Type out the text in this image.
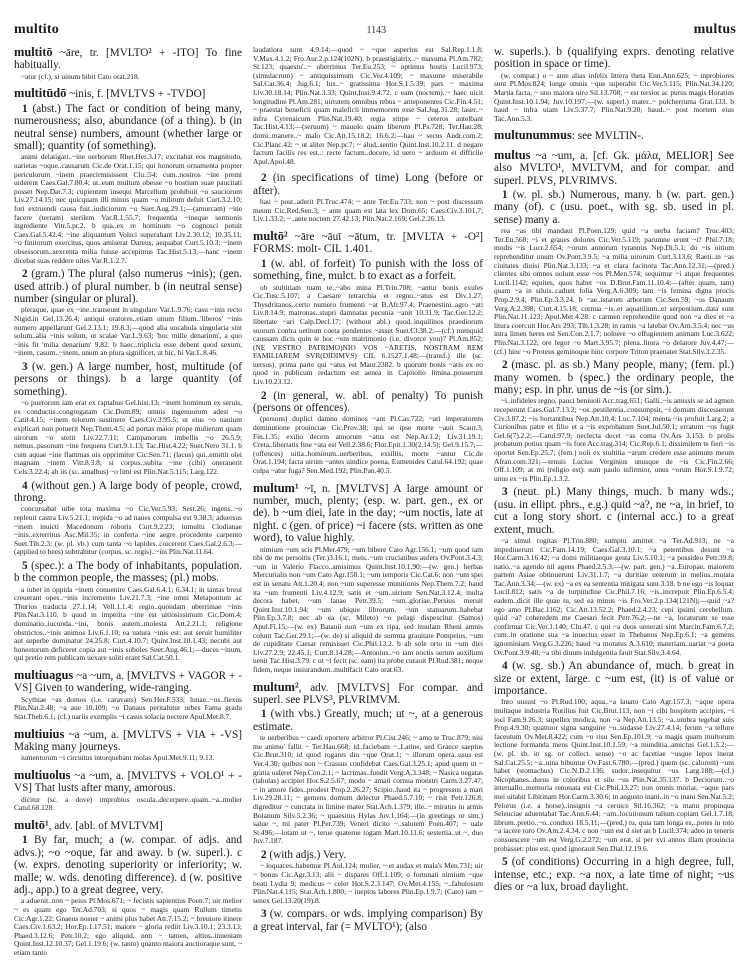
multito	1143	multus

multitō ~āre, tr. [MVLTO² + -ITO] To fine habitually.

~atur (cf.), si uinum bibit Cato orat.218.

multitūdō ~inis, f. [MVLTVS + -TVDO]

1 (abst.) The fact or condition of being many, numerousness; also, abundance (of a thing). b (in neutral sense) numbers, amount (whether large or small); quantity (of something).

animi delatigati..~ine uerborum Rhet.Her.3.17; excitabat eos magnitudo, uarietas ~oque..causarum Cic.de Orat.1.15; qui honorum ornamenta propter periculorum ~inem praecirmisissent Clu.:54; cum..nostros ~ine premi uiderent Caes.Gal.7.80.4; ut..eum multum obesse ~o hostium suae paucitati posset Nep.Dat.7.3; cupientem insequi Marcellum prohibuit ~o sauciorum Liv.27.14.15; nec quicquam illi minus quam ~o militum defuit Curt.3.2.10; fori extruendi causa fuit..iudiciorum ~o Suet.Aug.29.1;—(amurcam) ~ine facere (terram) sterilem Var.R.1.55.7; frequentia ~ineque sermonis ingrediente Vitr.5.pr.2. b qua..ex re hominum ~o cognosci potuit Caes.Gal.5.42.4; ~ine aliquantum Volsci superabant Liv.2.30.12; 10.35.11; ~o finitorum exercitus, quos amiserat Dareus, aequabat Curt.5.10.3; ~inem obsessorum..sexcenta milia fuisse accepimus Tac.Hist.5.13;—hanc ~inem dicebat suas reddere uites Var.R.1.2.7.

2 (gram.) The plural (also numerus ~inis); (gen. used attrib.) of plural number. b (in neutral sense) number (singular or plural).

pleraque, quae ex ~ine..transeunt in singulare Var.L.9.76; casu ~inis recto Nigid.in Gel.13.26.4; antiqui oratores..etiam unum filium..'liberos' ~inis numero appellarunt Gel.2.13.1; 19.8.3;—quod alia uocabula singularia sint solum..alia ~inis solum, ut scalae Var.L.9.63; 'hoc mille denarium', a quo ~inis fit 'milia denarium' 9.82. b haec..triplicia esse debent quod sexum, ~inem, casum..~inem, unum an plura significet, ut hic, hi Var.L.8.46.

3 (w. gen.) A large number, host, multitude (of persons or things). b a large quantity (of something).

~o puerorum iam erat ex raptabus Gel.hist.13; ~inem hominum ex seruis, ex conductis..congregatam Cic.Dom.89; omnis ingenuorum adest ~o Catil.4.15; ~inem telorum sustinere Caes.Civ.3.95.5; ut eius ~o nauium explicari non potuerit Nep.Them.4.5; ad portas maior prope mulierum quam uirorum ~o stetit Liv.22.7.11; Campanorum imbellis ~o 26.5.9; nemus..pasonum ~ine frequens Curt.9.1.13; Tac.Hist.4.22; Suet.Nero 31.1. b cum aquae ~ine flammas uis opprimitur Cic.Sen.71; (lacus) qui..emittit olei magnam ~inem Vitr.8.3.8; si corpus..subita ~ine (cibi) onerauerit Cels.3.22.4; ab iis (sc. amalbus) ~o limi est Plin.Nat.5.115; Larg.122.

4 (without gen.) A large body of people, crowd, throng.

concursabat urbe tota maxima ~o Cic.Ver.5.93; Sest.26; ingens..~o repleuit castra Liv.5.21.1; trepida ~o ad naues compulsa est 9.38.3; aduersus ~inem inuicti Macedonum roboris Curt.9.2.23; tumultu Clodianae ~inis..exterritus Asc.Mil.35; in conferta ~ine aegre procedente carpento Suet.Tib.2.3; (w. pl. vb.) cum tanta ~o lapides..coicerent Caes.Gal.2.6.3;—(applied to bees) subtrahitur (corpus, sc. regis)..~ini Plin.Nat.11.64.

5 (spec.): a The body of inhabitants, population. b the common people, the masses; (pl.) mobs.

a iubet in oppida ~inem conuenire Caes.Gal.6.4.1; 6.34.1; in tantas breui creuerant opes..~inis incremento Liv.21.7.3; ~ine omni Metapontum ac Thurios traducta 27.1.14; Vell.1.1.4; regio..quondam uberrimae ~inis Plin.Nat.3.110. b quod in imperita ~ine est uitiosissimum Cic.Dom.4; dominatio..iucunda..~ini, bonis autem..molesta Att.2.21.1; religione obstrictos..~inis animos Liv.6.1.10; ea natura ~inis est: aut seruit humiliter aut superbe dominatur 24.25.8; Curt.4.10.7; Quint.Inst.10.1.43; necubi aut honestorum deficeret copia aut ~inis suboles Suet.Aug.46.1;—duces ~inum, qui pretio rem publicam uexare soliti erant Sal.Cat.50.1.

multiuagus ~a ~um, a. [MVLTVS + VAGOR + -VS] Given to wandering, wide-ranging.

Scythiae ~as domos (i.e. caravans) Sen.Her.F.533; lunae..~os..flexus Plin.Nat.2.48; ~a aue 10.109; ~o Danaus peritabitur urbes Fama gradu Stat.Theb.6.1; (cf.) uariis exemplis ~i casus solacia nectere Apul.Met.8.7.

multiuius ~a ~um, a. [MVLTVS + VIA + -VS] Making many journeys.

iumentorum ~i circuitus intorquebant molas Apul.Met.9.11; 9.13.

multiuolus ~a ~um, a. [MVLTVS + VOLO¹ + -VS] That lusts after many, amorous.

dicitur (sc. a dove) improbius oscula..decerpere..quam..~a..mulier Catul.68.128.

multō¹, adv. [abl. of MVLTVM]

1 By far, much; a (w. compar. of adjs. and advs.); ~o ~oque, far and away. b (w. superl.). c (w. exprs. denoting superiority or inferiority; w. malle; w. wds. denoting difference). d (w. positive adj., app.) to a great degree, very.

a aduenit..non ~ peius Pl.Mos.671; ~ fecistis sapientius Poen.7; uir melior ~ es quam ego Ter.Ad.703; si quos ~ magis quam Rullum timetis Cic.Agr.1.22; Gnaeus noster ~ animi plus habet Att.7.15.2; ~ breuiore itinere Caes.Civ.1.63.2; Hor.Ep.1.17.51; maiore ~ gloria rediit Liv.3.10.1; 23.3.13; Phaed.3.12.6; Petr.10.2; ego aliquid, non ~ tamen, altius..inueniam Quint.Inst.12.10.37; Gel.1.19.6; (w. tanto) quanto maiora auctioraque sunt, ~ etiam tanto

laudatiora sunt 4.9.14;—quod ~ ~que asperius est Sal.Rep.1.1.8; V.Max.4.1.2; Fro.Aur.2.p.124(102N). b praestigiatrix..~ maxuma Pl.Am.782; St.123; quaestu'..~ uberrimus Ter.Eu.253; ~ optimus hostis Lucil.973; (simulacrum) ~ antiquissimum Cic.Ver.4.109; ~ maxume miserabile Sal.Cat.36.4; Jug.6.1; lux..~ gratissima Hor.S.1.5.39; pars ~ maxima Liv.30.18.14; Plin.Nat.3.33; Quint.Inst.9.4.72. c eam (noctem)..~ haec uicit longitudine Pl.Am.281; uirtutem omnibus rebus ~ anteponentes Cic.Fin.4.51; ~ praestat beneficii quam maleficii immemorem esse Sal.Jug.31.28; laser..~ infra Cyrenaicum Plin.Nat.19.40; regia stirpe ~ ceteros antelbant Tac.Hist.4.13;—(seruum) ~ mauolo quam liberum Pl.Ps.728; Ter.Hau.28; domi..manere..~ malo Cic.Att.15.18.2; 16.6.2;—hau ~ secus Andr.com.2; Cic.Planc.42; ~ ut aliter Nep.pr.7; ~ alud..sentio Quint.Inst.10.2.11. d negare factum facilis res est..: recte factum..docere, id uero ~ arduum et difficile Apul.Apol.48.

2 (in specifications of time) Long (before or after).

hau ~ post..aderit Pl.Truc.474; ~ ante Ter.Eu.733; non ~ post discessum meum Cic.Red.Sen.3; ~ ante quam est lata lex Dom.65; Caes.Civ.3.101.7; Liv.1.33.2; ~..ante noctem 27.42.13; Plin.Nat.2.169; Gel.2.26.13.

multō² ~āre ~āuī ~ātum, tr. [MVLTA + -O²] FORMS: molt- CIL 1.401.

1 (w. abl. of forfeit) To punish with the loss of something, fine, mulct. b to exact as a forfeit.

ob stultitiam tuam te..~abo mina Pl.Trin.708; ~antur bonis exules Cic.Tusc.5.107; a Caesare tetrarchia et regno..~atus est Div.1.27; Thysdritanos..certo numero frumenti ~at B.Afr.97.4; Praenestini..agro ~ati Liv.8.14.9; matronas..stupri damnatas pecunia ~anit 10.31.9; Tac.Ger.12.2; libertate ~ari Calp.Decl.17; (without abl.) quod..inquilinos praediorum suorum contra uetitum coeta pendentes ~asset Suet.Cl.38.2;—(cf.) numquid caussam dicis quin te hoc ~em matrimonio (i.e. divorce you)? Pl.Am.852; (NE VESTRO PATRIMO)NIO VOS ~ARETIS, NOSTRAM REM FAMILIAREM SVR(DIDIMVS) CIL 6.1527.1.48;—(transf.) ille (sc. uersus), prima parte qui ~atus est Maur.2382. b quorum bonis ~atis ex eo quod in publicum redactum est aenea in Capitolio limina..posuerunt Liv.10.23.12.

2 (in general, w. abl. of penalty) To punish (persons or offences).

(persons) duplici damno dominos ~ant Pl.Cas.722; ~ari imperatorem deminutione prouinciae Cic.Prov.38; qui se ipse morte ~auit Scaur.3; Fin.1.35; exilio decem annorum ~atus est Nep.Ar.1.2; Liv.31.19.1; Creta..libertatis fine ~ata est Vell.2.38.6; Flor.Epit.1.30(2.14.5); Gel.9.15.7;—(offences) uitia..hominum..uerberibus, exsiliis, morte ~antur Cic.de Orat.1.194; facta uirum ~antes uindice poena, Eumenides Catul.64.192; quae culpa ~atur fuga? Sen.Med.192; Plin.Pan.40.5.

multum¹ ~ī, n. [MVLTVS] A large amount or number, much, plenty; (esp. w. part. gen., ex or de). b ~um diei, late in the day; ~um noctis, late at night. c (gen. of price) ~i facere (sts. written as one word), to value highly.

nimium ~um scis Pl.Mer.479; ~um bibere Cato Agr.156.1; ~um quod iam tibi de me persoitis (Ter.)3.16.1; meis..~um cruciatibus aufers Ov.Pont.3.4.3; ~um in Valerio Flacco..amisimus Quint.Inst.10.1.90;—(w. gen.) herbas Mercurialis non ~um Cato Agr.158.1; ~um temporis Cic.Cat.6; non ~um spei est in senatu Att.1.20.4; non ~um superesse munitionis Nep.Them.7.2; haud ita ~um frumenti Liv.4.12.9; satis et ~um..uirium Sen.Nat.3.12.4; multa decora habet, ~um lanae Petr.39.5; ~um..gloriae..Persius meruit Quint.Inst.10.1.94; ~um ubique librorum, ~um statuarum..habebat Plin.Ep.3.7.8; nec ab ea (sc. Mileto) ~o pelagi dispescitur (Samos) Apul.Fl.15;—(w. ex) Batauii non ~um ex ripa, sed insulam Rheni amnis colunt Tac.Ger.29.1;—(w. de) si aliquid de summa grauitate Pompeius, ~um de cupiditate Caesar remisisset Cic.Phil.13.2. b ab sole orto in ~um diei Liv.27.2.9; 22.45.1; Curt.8.14.28;—Antonius..~o iam noctis serum auxilium uenit Tac.Hist.3.79. c ut ~i fecit (sc. eam) ita probe curauit Pl.Rud.381; neque fidem, neque iusiurandum..multifacit Cato orat.63.

multum², adv. [MVLTVS] For compar. and superl. see PLVS³, PLVRIMVM.

1 (with vbs.) Greatly, much; ut ~, at a generous estimate.

te uerberibus ~ caedi oportere arbitror Pl.Cist.246; ~ amo te Truc.879; nisi me animu' fallit ~ Ter.Hau.668; id..faciebam ~..Latine, sed Graece saepius Cic.Brut.310; id quod rogares diu ~que Orat.1; ~ illorum opera..usus est Ver.4.30; quibus non ~ Crassus confidebat Caes.Gal.3.25.1; apud quem ut ~ gratia ualeret Nep.Con.2.1; ~ lacrimas..fundit Verg.A.3.348; ~ Nasica negatas (tabulas) accipiet Hor.S.2.5.67; modo ~ amati cornua monstri Carm.3.27.47; ~ in amore fides..prodest Prop.2.26.27; Scipio..haud ita ~ progressus a mari Liv.29.28.11; ~ gemens domum delectur Phaed.5.7.10; ~ risit Petr.126.8; digreditur ~ cunctata in limine mater Stat.Ach.1.379; ille..~ miratus in armis Bolanum Silv.5.2.36; ~ quaesitus Hylas Juv.1.164;—(in greetings or sim.) salue ~, mi pater Pl.Per.739; Veneri dicito ~..salutem Poen.407; ~ uale St.496;—lotam ut ~, terue quaterue togam Mart.10.11.6; sestertia..ut ~, duo Juv.7.187.

2 (with adjs.) Very.

~ loquaces..habemur Pl.Aul.124; mulier, ~ et audax et mala's Men.731; uir ~ bonus Cic.Agr.3.13; alii ~ dispares Off.1.109; o fortunati nimium ~que beati Lydia 9; medicus ~ celer Hor.S.2.3.147; Ov.Met.4.155; ~..fabulosum Plin.Nat.4.115; Stat.Ach.1.800; ~ ineptos labores Plin.Ep.1.9.7; (Cato) iam ~ senex Gel.13.20(19).8.

3 (w. compars. or wds. implying comparison) By a great interval, far (= MVLTO¹); (also

w. superls.). b (qualifying exprs. denoting relative position in space or time).

(w. compar.) o ~ ante alias infelix littera theta Enn.Ann.625; ~ inprobiores sunt Pl.Mos.824; longe omnis ~que superabit Cic.Ver.5.115; Plin.Nat.34.120; Martia facta, ~ uno maiora uiro Sil.13.708; ~ est tersior ac purus magis Horatius Quint.Inst.10.1.94; Juv.10.197;—(w. superl.) mater..~ pulcherruma Grat.133. b haud ~ infra uiam Liv.5.37.7; Plin.Nat.9.20; haud..~ post mortem eius Tac.Ann.5.3.

multunummus: see MVLTIN-.

multus ~a ~um, a. [cf. Gk. μάλα, MELIOR] See also MVLTO¹, MVLTVM, and for compar. and superl. PLVS, PLVRIMVS.

1 (w. pl. sb.) Numerous, many. b (w. part. gen.) many (of). c (usu. poet., with sg. sb. used in pl. sense) many a.

rea ~as tibi mandaui Pl.Poen.129; quid ~a uerba faciam? Truc.403; Ter.Eu.568; ~i et graues dolores Cic.Ver.5.119; parumne erunt ~i? Phil.7.18; modis ~is Lucr.2.654; ~orum annorum tyrannus Nep.Di.5.1; do ~is uitium reprehenditur unum Ov.Pont.3.9.5; ~a milia uirorum Curt.3.13.6; Raeti..in ~as ciuitates diuisi Plin.Nat.3.133; ~a et clara facinora Tac.Ann.12.31;—(pred.) clientes sibi omnes uolunt esse ~os Pl.Men.574; sequimur ~i atque frequentes Lucil.1142; equites, quos habet ~os D.Brut.Fam.11.10.4;—(after quam, tam) quam ~a in siluis..cadunt folia Verg.A.6.309; tam ~is femina digna procis Prop.2.9.4; Plin.Ep.3.3.24. b ~ae..istarum arborum Cic.Sen.59; ~os Danaum Verg.A.2.398; Curt.4.15.18; cornua ~is..et aquatilium..et serpentium..data sunt Plin.Nat.11.123; Apul.Met.4.28. c carmen reprehendite quod non ~a dies et ~a litura coercuit Hor.Ars 293; Tib.1.3.28; in ramis ~a latebat Ov.Am.3.5.4; nec ~us intra limen heres est Sen.Con.2.1.7; uolnere ~o effugientem animam Luc.3.622; Plin.Nat.3.122; ore legor ~o Mart.3.95.7; plena..litora ~o delatore Juv.4.47;—(cf.) hinc ~o Proteus geminoque hinc corpore Triton praenatet Stat.Silv.3.2.35.

2 (masc. pl. as sb.) Many people, many; (fem. pl.) many women. b (spec.) the ordinary people, the many; esp. in phr. unus de ~is (or sim.).

~i..infideles regno, pauci beniuoli Acc.trag.651; Galli..~is amissis se ad agmen receperunt Caes.Gal.7.13.2; ~os..pestilentia..consumpsit, ~i domum discesserunt Civ.3.87.2; ~is hortantibus Nep.Att.10.4; Luc.7.104; menta ~is profuit Larg.2; a Curionibus patre et filio et a ~is exprobatum Suet.Jul.50.1; erratum ~os fugit Gel.6(7).2.2;—Catul.97.9; neclecta decet ~as coma Ov.Ars 3.153. b prolis probatum potius quam ~is fore Acc.trag.314; Cic.Rep.6.1; dissimilem te fieri ~is oportet Sen.Ep.25.7; (fem.) noli ex stultitia ~arum credere esse animum meum Afran.com.321;—tenuis Lucius Verginius unusque de ~is Cic.Fin.2.66; Off.1.109; at mi (religio est): sum paulo infirmior, unus ~orum Hor.S.1.9.72; unus ex ~is Plin.Ep.1.3.2.

3 (neut. pl.) Many things, much. b many wds.; (usu. in ellipt. phrs., e.g.) quid ~a?, ne ~a, in brief, to cut a long story short. c (internal acc.) to a great extent, much.

~a simul rogitas Pl.Trin.880; sumptu amittet ~a Ter.Ad.913; ne ~a impediuerunt Cic.Fam.14.19; Caes.Gal.3.10.1; ~a petentibus desunt ~a Hor.Carm.3.16.42; ~a domi militiaeque gesta Liv.5.10.1; ~a possideo Petr.39.8; natio..~a agendo nil agens Phaed.2.5.3;—(w. part. gen.) ~a..Europae, maiorem partem Asiae obtinuerunt Liv.31.1.7; ~a duritiae ueterum in melius..mutata Tac.Ann.3.34;—(w. ex) ~a ex ea sententia mitigata sunt 3.18. b ne ego ~is loquar Lucil.812; satis ~a de turpitudine Cic.Phil.7.16; ~is..increpuit Plin.Ep.6.5.4; eadem..dicit ille quae tu, sed ea minus ~is Fro.Ver.2.p.134(121N);—quid ~a? ego amo Pl.Bac.1162; Cic.Att.13.52.2; Phaed.2.4.23; cepi ipsimi cerebellum. quid ~a? coheredem me Caesari fecit Petr.76.2;—ne ~a, locaturum se esse confirmat Cic.Ver.1.140; Clu.47. c qui ~a deos uenerati sint Marcin.Fam.6.7.2; cum..in oratione sua ~a inuectus esset in Thebanos Nep.Ep.6.1; ~a gemens ignominiam Verg.G.3.226; haud ~a moratus A.3.610; materiam..uariat ~a poeta Ov.Pont.3.9.48; ~a tibi diuum indulgentia fauit Stat.Silv.3.4.64.

4 (w. sg. sb.) An abundance of, much. b great in size or extent, large. c ~um est, (it) is of value or importance.

Into uusust ~o Pl.Rud.100; aqua..~a lauato Cato Agr.157.3; ~aque opera multaque industria Rutilius fuit Cic.Brut.113; non ~i cibi hospitem accipies, ~i ioci Fam.9.26.3; supellex modica, non ~a Nep.Att.13.5; ~a..umbra tegebat suis Prop.4.9.30; quattuor signa sanguine ~o..sudasse Liv.27.4.14; ferum ~a tellure faceutum Ov.Met.8.422; cum ~o risu Sen.Ep.101.9; ~a magis quam multorum lectione formanda mens Quint.Inst.10.1.59; ~a munditia..amictus Gel.1.5.2;—(w. pl. sb. in sg. or collect. sense) ~o ac facetiae ~usque lepos inerat Sal.Cat.25.5; ~a..uina bibuntur Ov.Fast.6.780;—(pred.) quem (sc. calorem) ~um habet (stomachus) Cic.N.D.2.136; sudor..insequitur ~us Larg.188;—(cf.) Nicophanes..durus in coloribus et sile ~us Plin.Nat.35.137. b Deciorum..~o interuallo..memoria renouata est Cic.Phil.13.27; non omnis moriar, ~aque pars mei uitabit Libitinam Hor.Carm.3.30.6; in angusto inani..in ~o inani Sen.Nat.5.2; Pelorus (i.e. a horse)..insignis ~a ceruice Sil.16.362; ~a manu propinqua Seleuciae aduentabat Tac.Ann.6.44; ~am..locutionum talium copiam Gel.1.7.18; librum..pretio..~o..conduxi 18.5.11;—(pred.) tu, quia tam longa es,..potes in toto ~a iacere toro Ov.Am.2.4.34. c non ~um est d siet an b Lucil.374; adeo in teneris consuescere ~um est Verg.G.2.272; ~um erat, si per xvi annos illam prouincia probasset: plus est, quod ignorauit Sen.Dial.12.19.6.

5 (of conditions) Occurring in a high degree, full, intense, etc.; exp. ~a nox, a late time of night; ~us dies or ~a lux, broad daylight.
